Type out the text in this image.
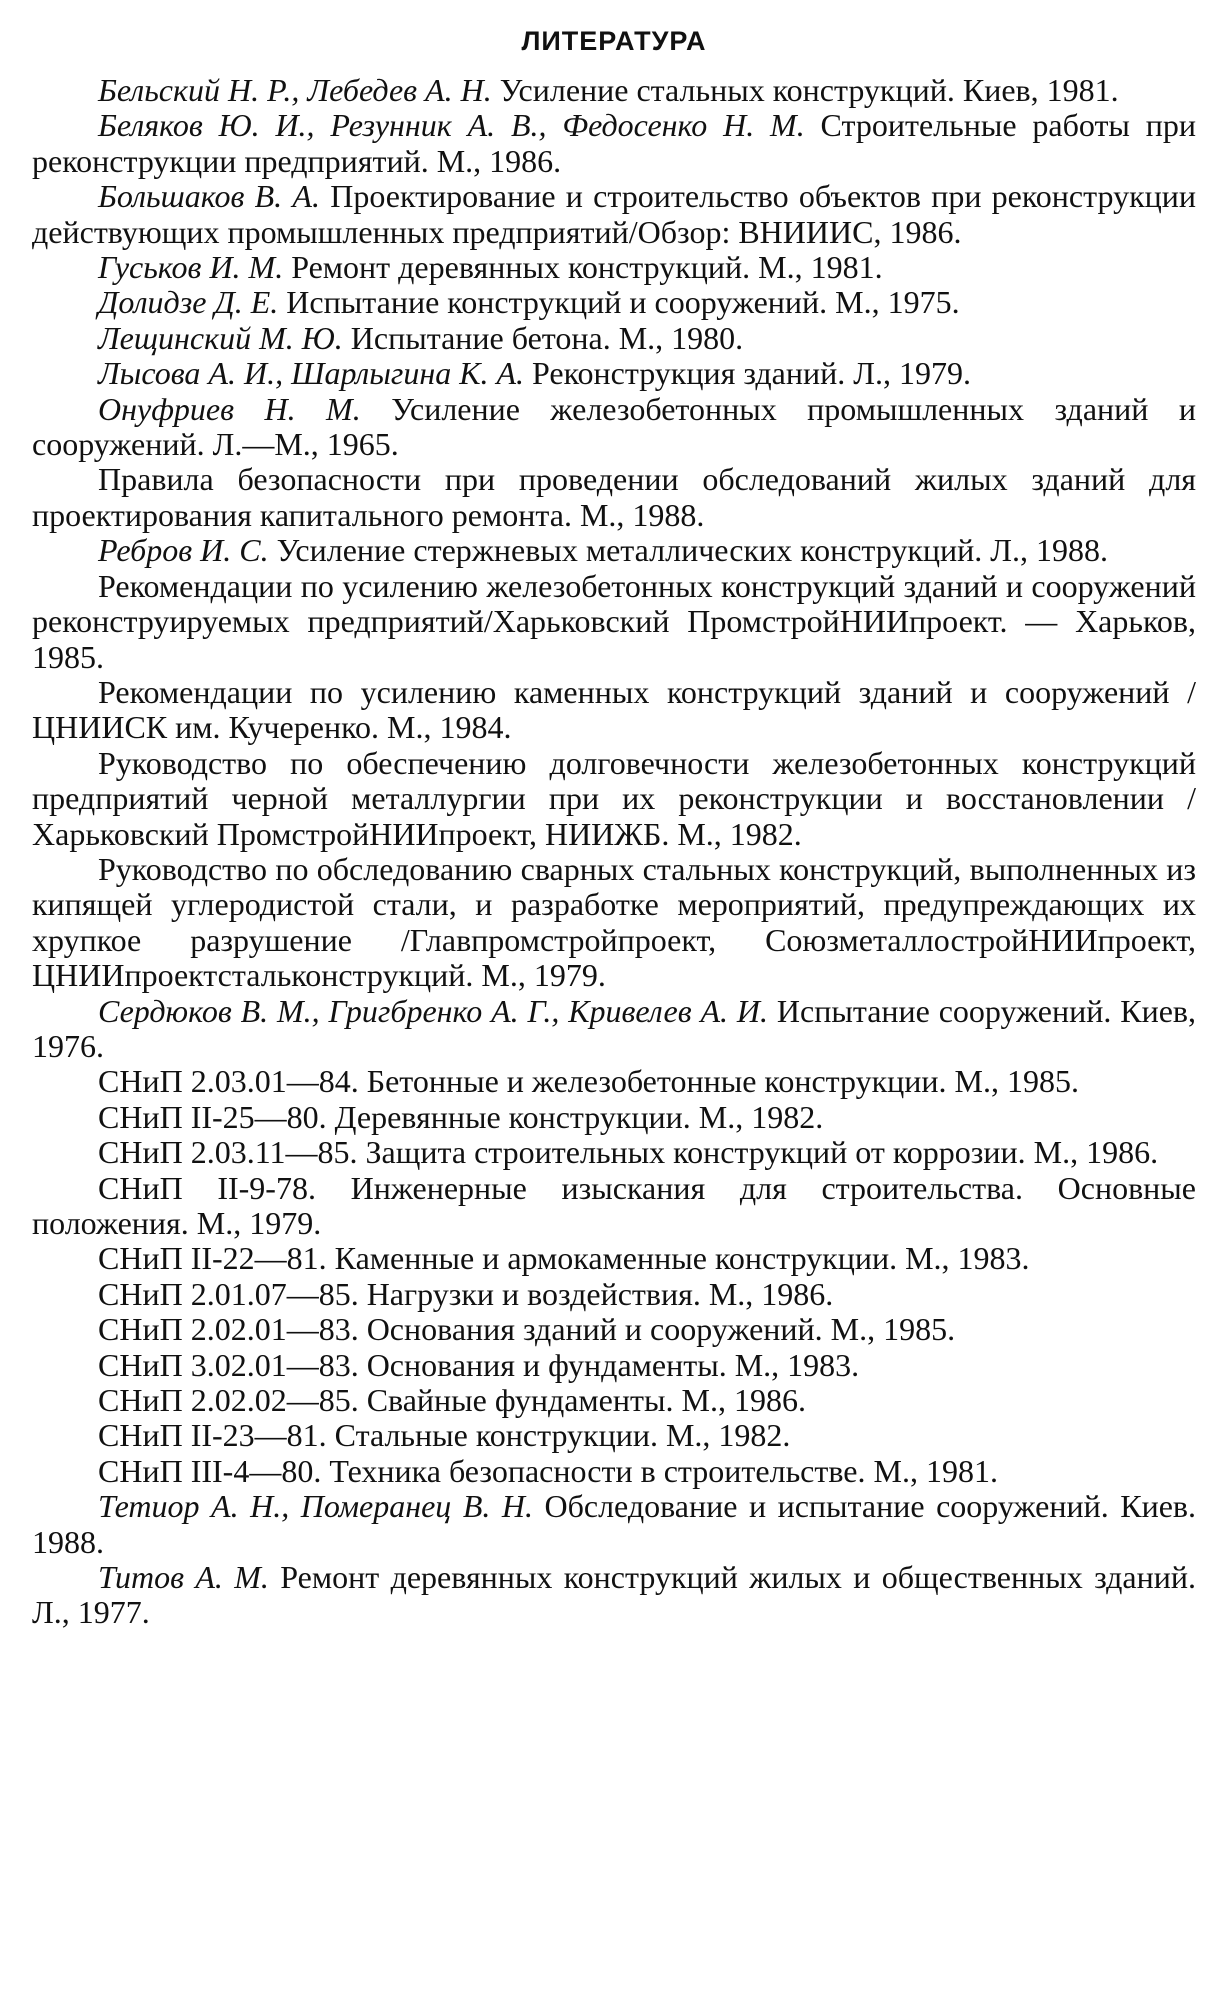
ЛИТЕРАТУРА

Бельский Н. Р., Лебедев А. Н. Усиление стальных конструкций. Киев, 1981.

Беляков Ю. И., Резунник А. В., Федосенко Н. М. Строительные работы при реконструкции предприятий. М., 1986.

Большаков В. А. Проектирование и строительство объектов при реконструкции действующих промышленных предприятий/Обзор: ВНИИИС, 1986.

Гуськов И. М. Ремонт деревянных конструкций. М., 1981.

Долидзе Д. Е. Испытание конструкций и сооружений. М., 1975.

Лещинский М. Ю. Испытание бетона. М., 1980.

Лысова А. И., Шарлыгина К. А. Реконструкция зданий. Л., 1979.

Онуфриев Н. М. Усиление железобетонных промышленных зданий и сооружений. Л.—М., 1965.

Правила безопасности при проведении обследований жилых зданий для проектирования капитального ремонта. М., 1988.

Ребров И. С. Усиление стержневых металлических конструкций. Л., 1988.

Рекомендации по усилению железобетонных конструкций зданий и сооружений реконструируемых предприятий/Харьковский ПромстройНИИпроект. — Харьков, 1985.

Рекомендации по усилению каменных конструкций зданий и сооружений /ЦНИИСК им. Кучеренко. М., 1984.

Руководство по обеспечению долговечности железобетонных конструкций предприятий черной металлургии при их реконструкции и восстановлении /Харьковский ПромстройНИИпроект, НИИЖБ. М., 1982.

Руководство по обследованию сварных стальных конструкций, выполненных из кипящей углеродистой стали, и разработке мероприятий, предупреждающих их хрупкое разрушение /Главпромстройпроект, СоюзметаллостройНИИпроект, ЦНИИпроектстальконструкций. М., 1979.

Сердюков В. М., Григбренко А. Г., Кривелев А. И. Испытание сооружений. Киев, 1976.

СНиП 2.03.01—84. Бетонные и железобетонные конструкции. М., 1985.

СНиП II-25—80. Деревянные конструкции. М., 1982.

СНиП 2.03.11—85. Защита строительных конструкций от коррозии. М., 1986.

СНиП II-9-78. Инженерные изыскания для строительства. Основные положения. М., 1979.

СНиП II-22—81. Каменные и армокаменные конструкции. М., 1983.

СНиП 2.01.07—85. Нагрузки и воздействия. М., 1986.

СНиП 2.02.01—83. Основания зданий и сооружений. М., 1985.

СНиП 3.02.01—83. Основания и фундаменты. М., 1983.

СНиП 2.02.02—85. Свайные фундаменты. М., 1986.

СНиП II-23—81. Стальные конструкции. М., 1982.

СНиП III-4—80. Техника безопасности в строительстве. М., 1981.

Тетиор А. Н., Померанец В. Н. Обследование и испытание сооружений. Киев. 1988.

Титов А. М. Ремонт деревянных конструкций жилых и общественных зданий. Л., 1977.
